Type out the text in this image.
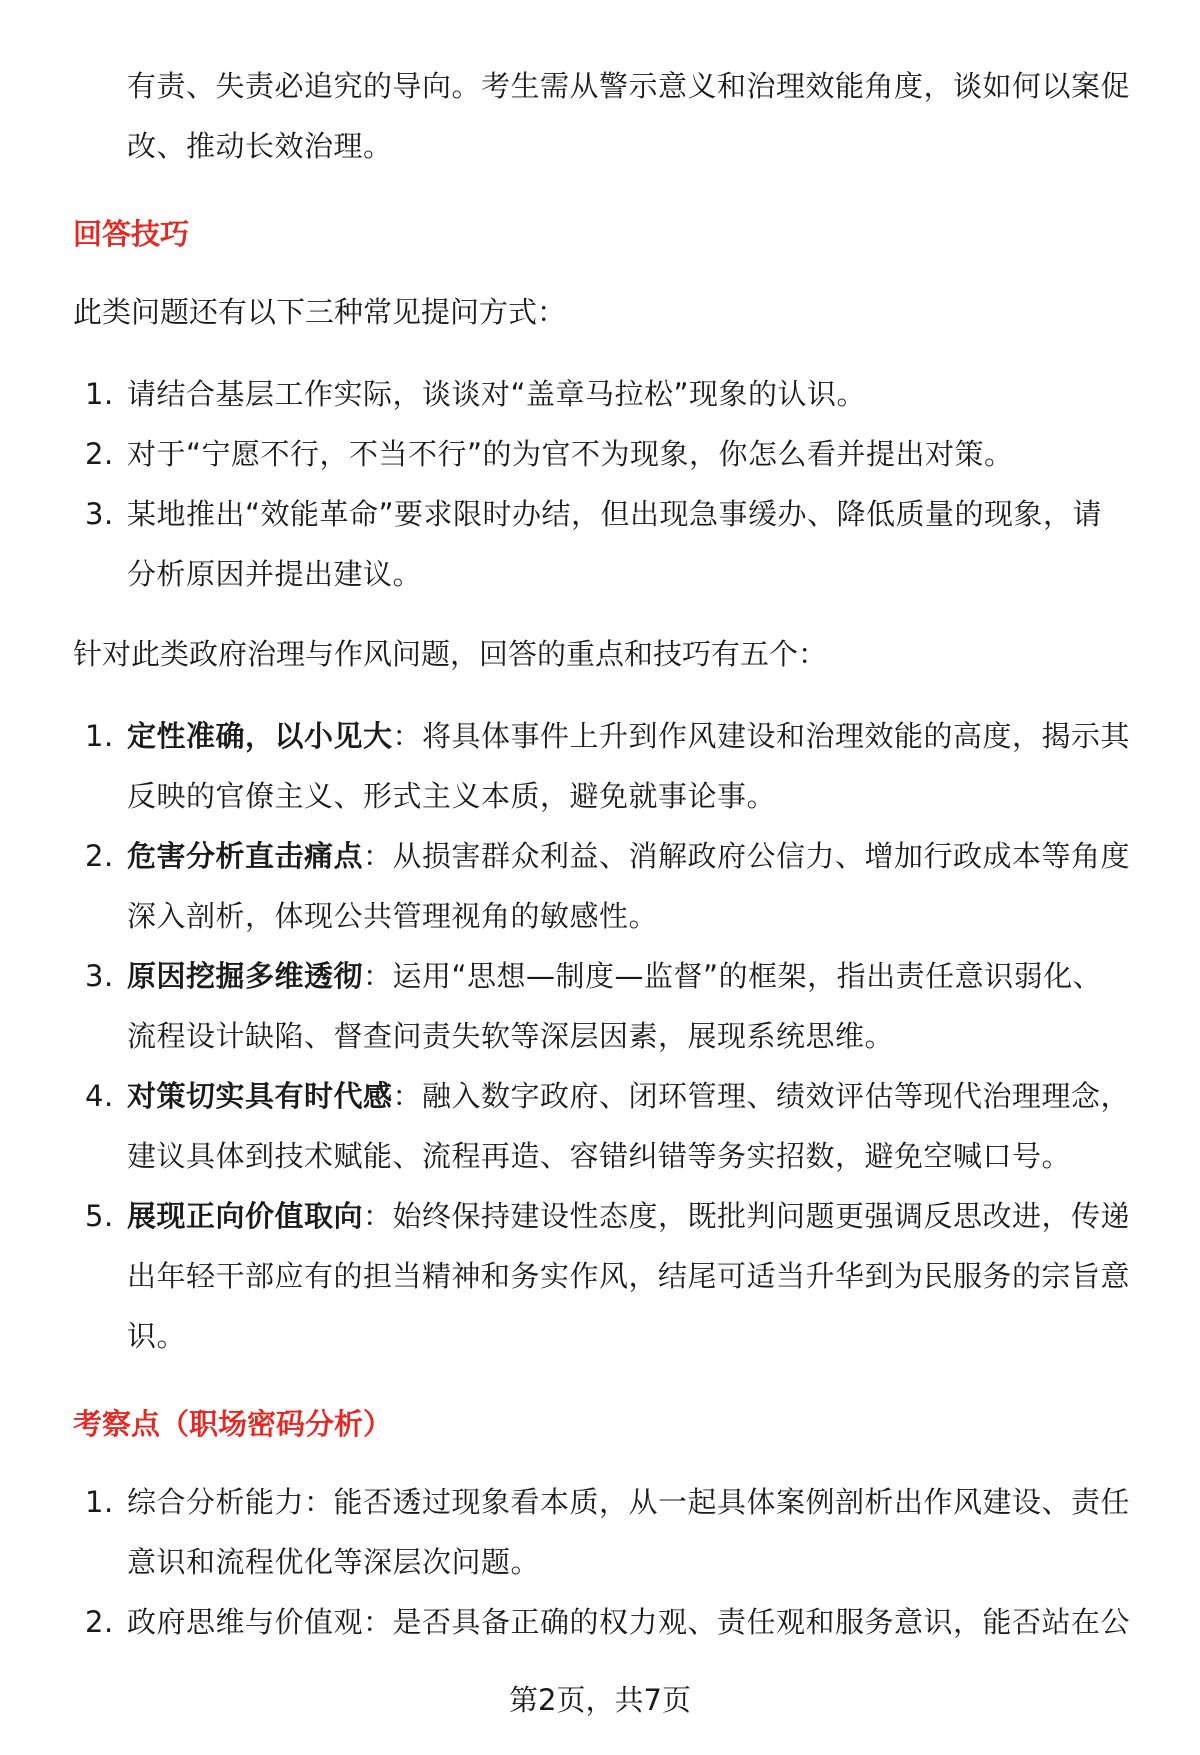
有责、失责必追究的导向。考生需从警示意义和治理效能角度，谈如何以案促

改、推动长效治理。

回答技巧
此类问题还有以下三种常见提问方式：
1. 请结合基层工作实际，谈谈对“盖章马拉松”现象的认识。
2. 对于“宁愿不行，不当不行”的为官不为现象，你怎么看并提出对策。
3. 某地推出“效能革命”要求限时办结，但出现急事缓办、降低质量的现象，请
分析原因并提出建议。
针对此类政府治理与作风问题，回答的重点和技巧有五个：
1. 定性准确，以小见大：将具体事件上升到作风建设和治理效能的高度，揭示其
反映的官僚主义、形式主义本质，避免就事论事。
2. 危害分析直击痛点：从损害群众利益、消解政府公信力、增加行政成本等角度
深入剖析，体现公共管理视角的敏感性。
3. 原因挖掘多维透彻：运用“思想—制度—监督”的框架，指出责任意识弱化、
流程设计缺陷、督查问责失软等深层因素，展现系统思维。
4. 对策切实具有时代感：融入数字政府、闭环管理、绩效评估等现代治理理念，
建议具体到技术赋能、流程再造、容错纠错等务实招数，避免空喊口号。
5. 展现正向价值取向：始终保持建设性态度，既批判问题更强调反思改进，传递
出年轻干部应有的担当精神和务实作风，结尾可适当升华到为民服务的宗旨意
识。
考察点（职场密码分析）
1. 综合分析能力：能否透过现象看本质，从一起具体案例剖析出作风建设、责任
意识和流程优化等深层次问题。
2. 政府思维与价值观：是否具备正确的权力观、责任观和服务意识，能否站在公
第2页，共7页
